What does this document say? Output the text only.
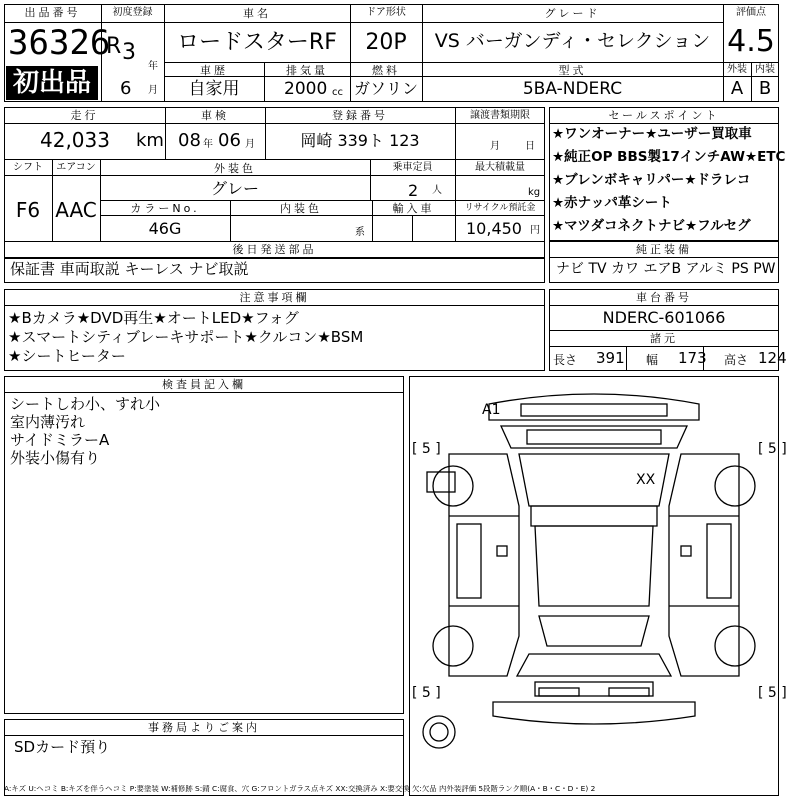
出品番号
36326
初出品
初度登録
R 3
年
6 月
車名
ロードスターRF
ドア形状
20P
グレード
VS バーガンディ・セレクション
評価点
4.5
外装 内装
A B
車歴
自家用
排気量
2000 cc
燃料
ガソリン
型式
5BA-NDERC
走行
42,033 km
車検
08 年 06 月
登録番号
岡崎 339ト 123
譲渡書類期限
月	日
シフト
F6
エアコン
AAC
外装色
グレー
乗車定員
2 人
最大積載量
kg
カラーNo.
46G
内装色
系
輸入車	リサイクル預託金
10,450 円
後日発送部品
保証書 車両取説 キーレス ナビ取説
セールスポイント
★ワンオーナー★ユーザー買取車
★純正OP BBS製17インチAW★ETC
★ブレンボキャリパー★ドラレコ
★赤ナッパ革シート
★マツダコネクトナビ★フルセグ
純正装備
ナビ TV カワ エアB アルミ PS PW
注意事項欄
★Bカメラ★DVD再生★オートLED★フォグ
★スマートシティブレーキサポート★クルコン★BSM
★シートヒーター
車台番号
NDERC-601066
諸元
長さ 391 幅 173 高さ 124
検査員記入欄
シートしわ小、すれ小
室内薄汚れ
サイドミラーA
外装小傷有り
A1
XX
[ 5 ]	[ 5 ]
[ 5 ]	[ 5 ]
事務局よりご案内
SDカード預り
A:キズ U:ヘコミ B:キズを伴うヘコミ P:要塗装 W:補修跡 S:錆 C:腐食、穴 G:フロントガラス点キズ XX:交換済み X:要交換 欠:欠品 内外装評価 5段階ランク順(A・B・C・D・E) 2
